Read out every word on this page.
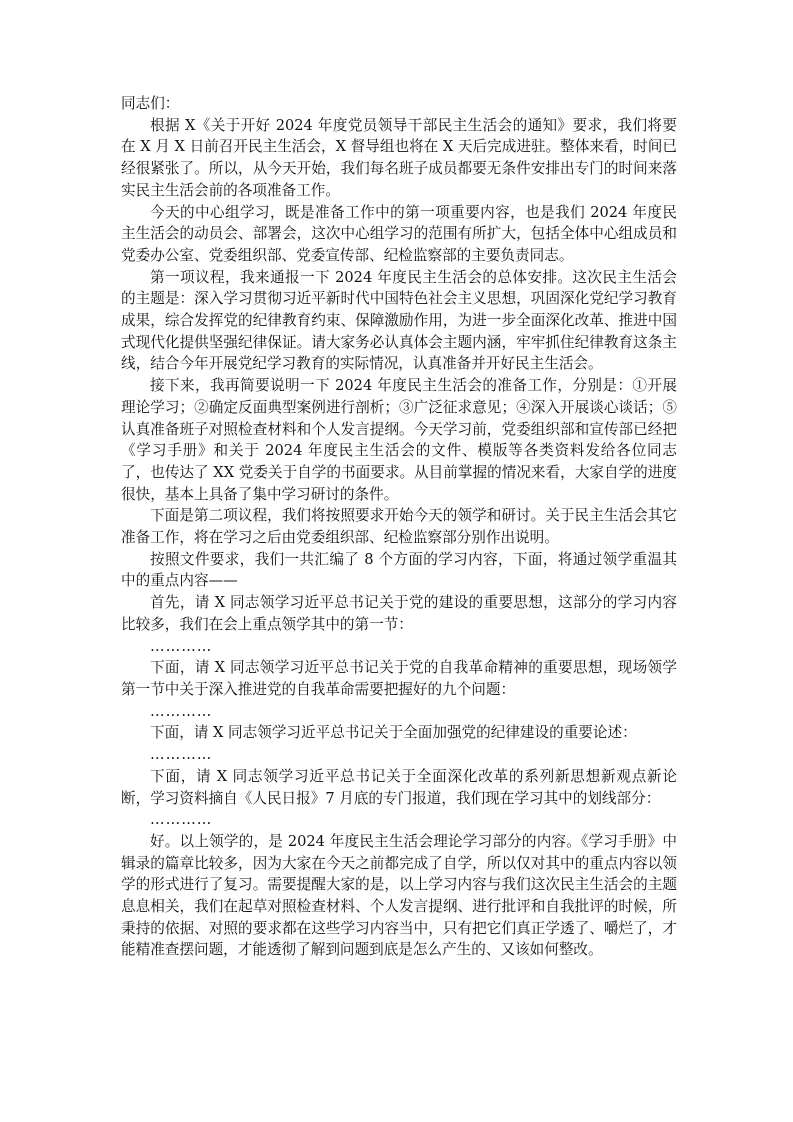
同志们：

根据 X《关于开好 2024 年度党员领导干部民主生活会的通知》要求，我们将要在 X 月 X 日前召开民主生活会，X 督导组也将在 X 天后完成进驻。整体来看，时间已经很紧张了。所以，从今天开始，我们每名班子成员都要无条件安排出专门的时间来落实民主生活会前的各项准备工作。

今天的中心组学习，既是准备工作中的第一项重要内容，也是我们 2024 年度民主生活会的动员会、部署会，这次中心组学习的范围有所扩大，包括全体中心组成员和党委办公室、党委组织部、党委宣传部、纪检监察部的主要负责同志。

第一项议程，我来通报一下 2024 年度民主生活会的总体安排。这次民主生活会的主题是：深入学习贯彻习近平新时代中国特色社会主义思想，巩固深化党纪学习教育成果，综合发挥党的纪律教育约束、保障激励作用，为进一步全面深化改革、推进中国式现代化提供坚强纪律保证。请大家务必认真体会主题内涵，牢牢抓住纪律教育这条主线，结合今年开展党纪学习教育的实际情况，认真准备并开好民主生活会。

接下来，我再简要说明一下 2024 年度民主生活会的准备工作，分别是：①开展理论学习；②确定反面典型案例进行剖析；③广泛征求意见；④深入开展谈心谈话；⑤认真准备班子对照检查材料和个人发言提纲。今天学习前，党委组织部和宣传部已经把《学习手册》和关于 2024 年度民主生活会的文件、模版等各类资料发给各位同志了，也传达了 XX 党委关于自学的书面要求。从目前掌握的情况来看，大家自学的进度很快，基本上具备了集中学习研讨的条件。

下面是第二项议程，我们将按照要求开始今天的领学和研讨。关于民主生活会其它准备工作，将在学习之后由党委组织部、纪检监察部分别作出说明。

按照文件要求，我们一共汇编了 8 个方面的学习内容，下面，将通过领学重温其中的重点内容——

首先，请 X 同志领学习近平总书记关于党的建设的重要思想，这部分的学习内容比较多，我们在会上重点领学其中的第一节：

…………

下面，请 X 同志领学习近平总书记关于党的自我革命精神的重要思想，现场领学第一节中关于深入推进党的自我革命需要把握好的九个问题：

…………

下面，请 X 同志领学习近平总书记关于全面加强党的纪律建设的重要论述：

…………

下面，请 X 同志领学习近平总书记关于全面深化改革的系列新思想新观点新论断，学习资料摘自《人民日报》7 月底的专门报道，我们现在学习其中的划线部分：

…………

好。以上领学的，是 2024 年度民主生活会理论学习部分的内容。《学习手册》中辑录的篇章比较多，因为大家在今天之前都完成了自学，所以仅对其中的重点内容以领学的形式进行了复习。需要提醒大家的是，以上学习内容与我们这次民主生活会的主题息息相关，我们在起草对照检查材料、个人发言提纲、进行批评和自我批评的时候，所秉持的依据、对照的要求都在这些学习内容当中，只有把它们真正学透了、嚼烂了，才能精准查摆问题，才能透彻了解到问题到底是怎么产生的、又该如何整改。
